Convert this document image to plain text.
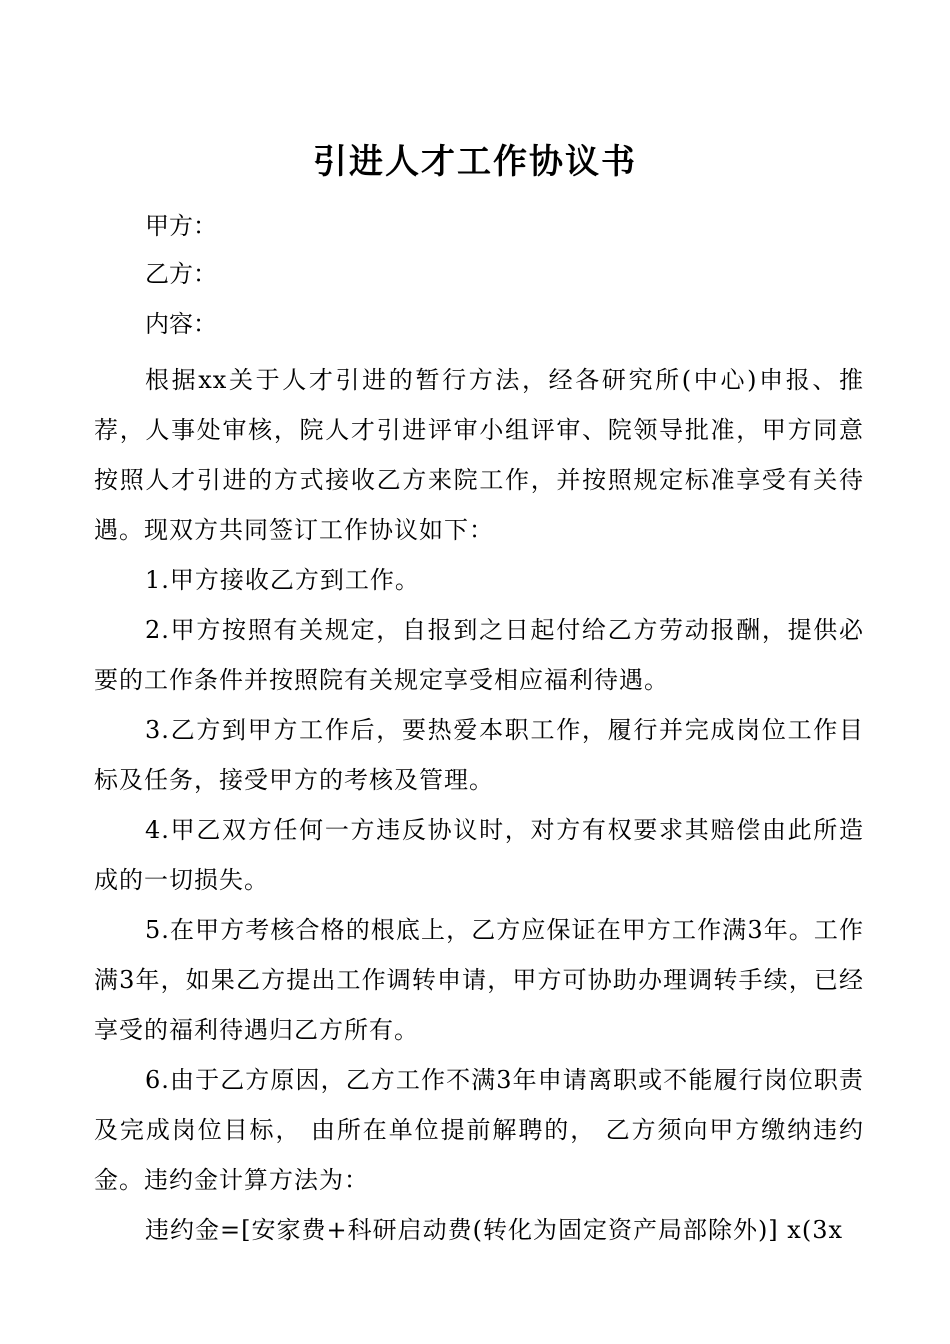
引进人才工作协议书

甲方：

乙方：

内容：

根据xx关于人才引进的暂行方法，经各研究所(中心)申报、推荐，人事处审核，院人才引进评审小组评审、院领导批准，甲方同意按照人才引进的方式接收乙方来院工作，并按照规定标准享受有关待遇。现双方共同签订工作协议如下：

1.甲方接收乙方到工作。

2.甲方按照有关规定，自报到之日起付给乙方劳动报酬，提供必要的工作条件并按照院有关规定享受相应福利待遇。

3.乙方到甲方工作后，要热爱本职工作，履行并完成岗位工作目标及任务，接受甲方的考核及管理。

4.甲乙双方任何一方违反协议时，对方有权要求其赔偿由此所造成的一切损失。

5.在甲方考核合格的根底上，乙方应保证在甲方工作满3年。工作满3年，如果乙方提出工作调转申请，甲方可协助办理调转手续，已经享受的福利待遇归乙方所有。

6.由于乙方原因，乙方工作不满3年申请离职或不能履行岗位职责及完成岗位目标， 由所在单位提前解聘的， 乙方须向甲方缴纳违约金。违约金计算方法为：

违约金=[安家费+科研启动费(转化为固定资产局部除外)] x(3x
